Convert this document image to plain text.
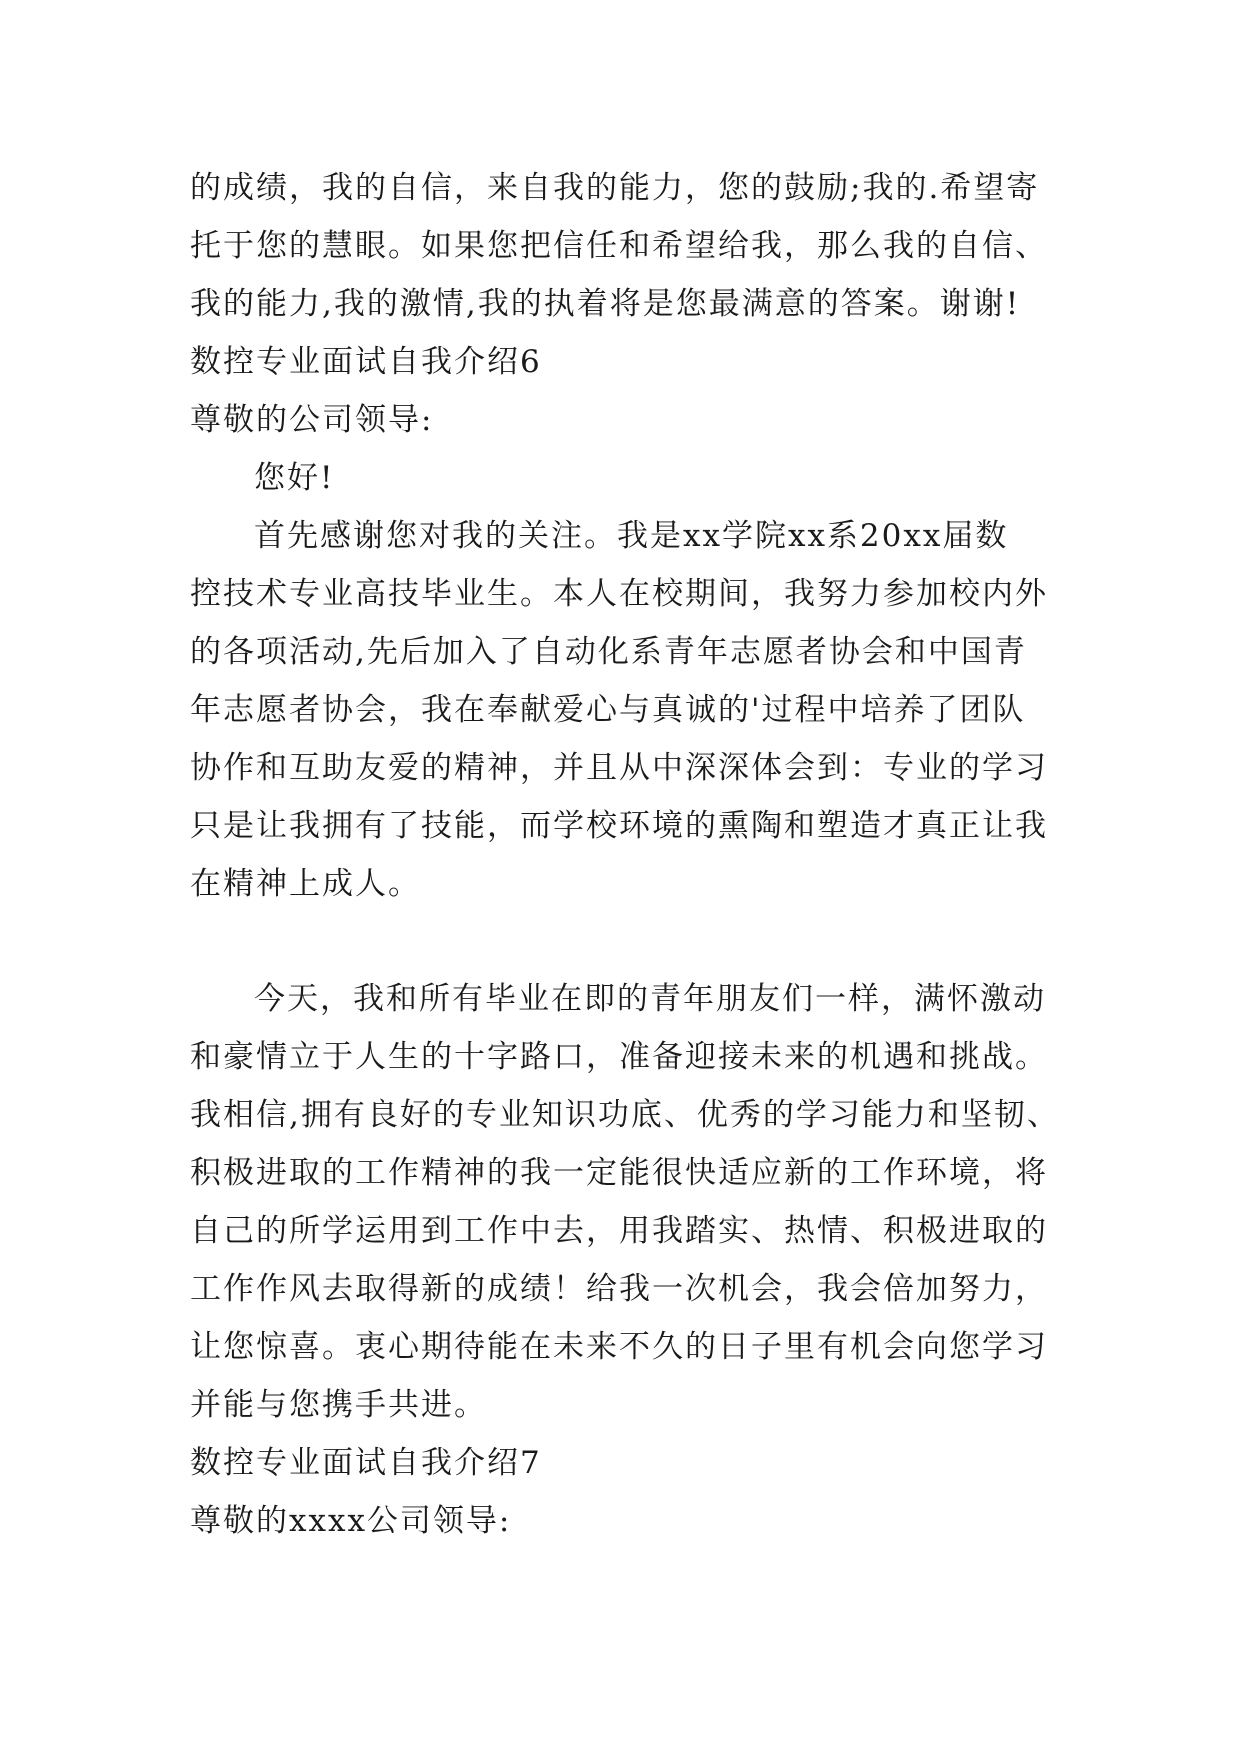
的成绩，我的自信，来自我的能力，您的鼓励;我的.希望寄
托于您的慧眼。如果您把信任和希望给我，那么我的自信、
我的能力,我的激情,我的执着将是您最满意的答案。谢谢!
数控专业面试自我介绍6
尊敬的公司领导:
您好!
首先感谢您对我的关注。我是xx学院xx系20xx届数
控技术专业高技毕业生。本人在校期间，我努力参加校内外
的各项活动,先后加入了自动化系青年志愿者协会和中国青
年志愿者协会，我在奉献爱心与真诚的'过程中培养了团队
协作和互助友爱的精神，并且从中深深体会到：专业的学习
只是让我拥有了技能，而学校环境的熏陶和塑造才真正让我
在精神上成人。
今天，我和所有毕业在即的青年朋友们一样，满怀激动
和豪情立于人生的十字路口，准备迎接未来的机遇和挑战。
我相信,拥有良好的专业知识功底、优秀的学习能力和坚韧、
积极进取的工作精神的我一定能很快适应新的工作环境，将
自己的所学运用到工作中去，用我踏实、热情、积极进取的
工作作风去取得新的成绩！给我一次机会，我会倍加努力，
让您惊喜。衷心期待能在未来不久的日子里有机会向您学习
并能与您携手共进。
数控专业面试自我介绍7
尊敬的xxxx公司领导:
